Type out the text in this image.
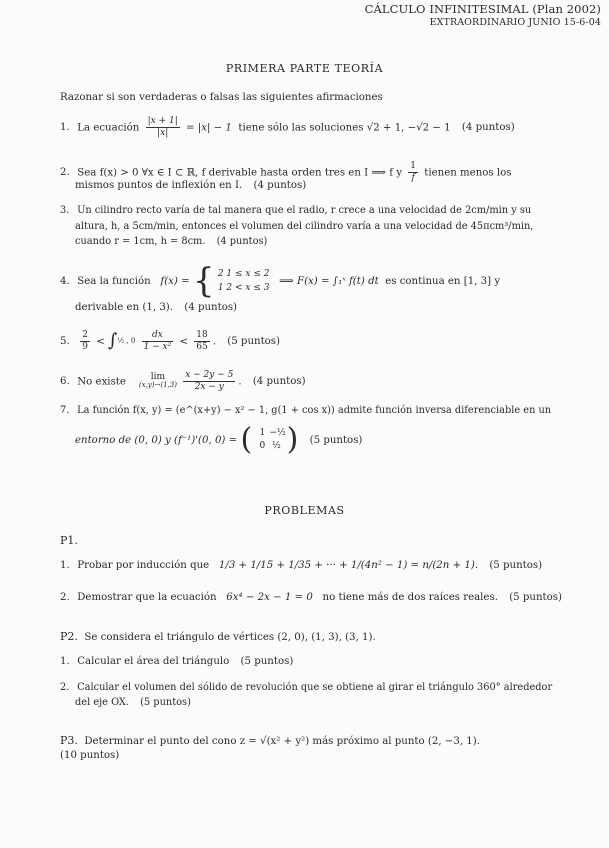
CÁLCULO INFINITESIMAL (Plan 2002)
EXTRAORDINARIO JUNIO 15-6-04
PRIMERA PARTE TEORÍA
Razonar si son verdaderas o falsas las siguientes afirmaciones
1. La ecuación $\frac{|x + 1|}{|x|} = |x| - 1$ tiene sólo las soluciones √2 + 1, −√2 − 1 (4 puntos)
2. Sea f(x) > 0 ∀x ∈ I ⊂ ℝ, f derivable hasta orden tres en I ⟹ f y $\frac{1}{f}$ tienen menos los
mismos puntos de inflexión en I. (4 puntos)
3. Un cilindro recto varía de tal manera que el radio, r crece a una velocidad de 2cm/min y su
altura, h, a 5cm/min, entonces el volumen del cilindro varía a una velocidad de 45πcm³/min,
cuando r = 1cm, h = 8cm. (4 puntos)
4. Sea la función f(x) = { 2 1 ≤ x ≤ 2
1 2 < x ≤ 3
⟹ F(x) = ∫₁ˣ f(t) dt es continua en [1, 3] y
derivable en (1, 3). (4 puntos)
5. $\frac{2}{9}$ < ∫½ , $0 \frac{dx}{\text{1 − x²}} < \frac{18}{65}$ . (5 puntos)
6. No existe	lim
(x,y)→(1,3)
$\frac{x - 2y - 5}{2x - y}$ . (4 puntos)
7. La función f(x, y) = (e^(x+y) − x² − 1, g(1 + cos x)) admite función inversa diferenciable en un
entorno de (0, 0) y (f⁻¹)'(0, 0) = ( 1 −½
0 ½ ) (5 puntos)
PROBLEMAS
P1.
1. Probar por inducción que 1/3 + 1/15 + 1/35 + ··· + 1/(4n² − 1) = n/(2n + 1). (5 puntos)
2. Demostrar que la ecuación 6x⁴ − 2x − 1 = 0 no tiene más de dos raíces reales. (5 puntos)
P2. Se considera el triángulo de vértices (2, 0), (1, 3), (3, 1).
1. Calcular el área del triángulo (5 puntos)
2. Calcular el volumen del sólido de revolución que se obtiene al girar el triángulo 360° alrededor
del eje OX. (5 puntos)
P3. Determinar el punto del cono z = √(x² + y²) más próximo al punto (2, −3, 1).
(10 puntos)
